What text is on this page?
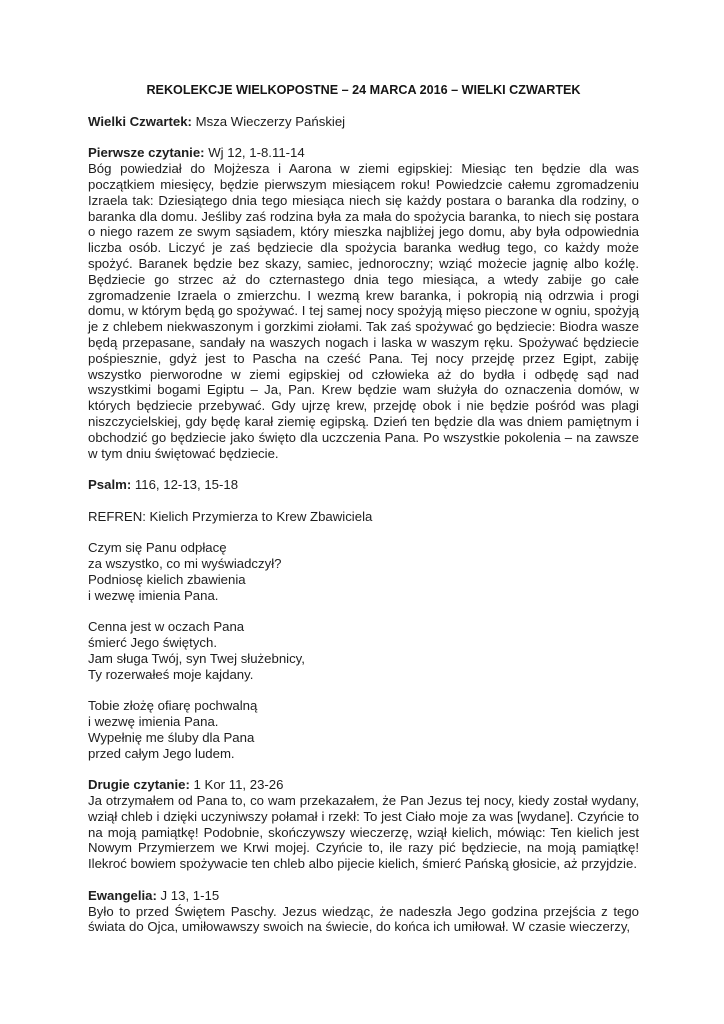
REKOLEKCJE WIELKOPOSTNE – 24 MARCA 2016 – WIELKI CZWARTEK

Wielki Czwartek: Msza Wieczerzy Pańskiej

Pierwsze czytanie: Wj 12, 1-8.11-14

Bóg powiedział do Mojżesza i Aarona w ziemi egipskiej: Miesiąc ten będzie dla was początkiem miesięcy, będzie pierwszym miesiącem roku! Powiedzcie całemu zgromadzeniu Izraela tak: Dziesiątego dnia tego miesiąca niech się każdy postara o baranka dla rodziny, o baranka dla domu. Jeśliby zaś rodzina była za mała do spożycia baranka, to niech się postara o niego razem ze swym sąsiadem, który mieszka najbliżej jego domu, aby była odpowiednia liczba osób. Liczyć je zaś będziecie dla spożycia baranka według tego, co każdy może spożyć. Baranek będzie bez skazy, samiec, jednoroczny; wziąć możecie jagnię albo koźlę. Będziecie go strzec aż do czternastego dnia tego miesiąca, a wtedy zabije go całe zgromadzenie Izraela o zmierzchu. I wezmą krew baranka, i pokropią nią odrzwia i progi domu, w którym będą go spożywać. I tej samej nocy spożyją mięso pieczone w ogniu, spożyją je z chlebem niekwaszonym i gorzkimi ziołami. Tak zaś spożywać go będziecie: Biodra wasze będą przepasane, sandały na waszych nogach i laska w waszym ręku. Spożywać będziecie pośpiesznie, gdyż jest to Pascha na cześć Pana. Tej nocy przejdę przez Egipt, zabiję wszystko pierworodne w ziemi egipskiej od człowieka aż do bydła i odbędę sąd nad wszystkimi bogami Egiptu – Ja, Pan. Krew będzie wam służyła do oznaczenia domów, w których będziecie przebywać. Gdy ujrzę krew, przejdę obok i nie będzie pośród was plagi niszczycielskiej, gdy będę karał ziemię egipską. Dzień ten będzie dla was dniem pamiętnym i obchodzić go będziecie jako święto dla uczczenia Pana. Po wszystkie pokolenia – na zawsze w tym dniu świętować będziecie.

Psalm: 116, 12-13, 15-18

REFREN: Kielich Przymierza to Krew Zbawiciela

Czym się Panu odpłacę

za wszystko, co mi wyświadczył?

Podniosę kielich zbawienia

i wezwę imienia Pana.

Cenna jest w oczach Pana

śmierć Jego świętych.

Jam sługa Twój, syn Twej służebnicy,

Ty rozerwałeś moje kajdany.

Tobie złożę ofiarę pochwalną

i wezwę imienia Pana.

Wypełnię me śluby dla Pana

przed całym Jego ludem.

Drugie czytanie: 1 Kor 11, 23-26

Ja otrzymałem od Pana to, co wam przekazałem, że Pan Jezus tej nocy, kiedy został wydany, wziął chleb i dzięki uczyniwszy połamał i rzekł: To jest Ciało moje za was [wydane]. Czyńcie to na moją pamiątkę! Podobnie, skończywszy wieczerzę, wziął kielich, mówiąc: Ten kielich jest Nowym Przymierzem we Krwi mojej. Czyńcie to, ile razy pić będziecie, na moją pamiątkę! Ilekroć bowiem spożywacie ten chleb albo pijecie kielich, śmierć Pańską głosicie, aż przyjdzie.

Ewangelia: J 13, 1-15

Było to przed Świętem Paschy. Jezus wiedząc, że nadeszła Jego godzina przejścia z tego świata do Ojca, umiłowawszy swoich na świecie, do końca ich umiłował. W czasie wieczerzy,
